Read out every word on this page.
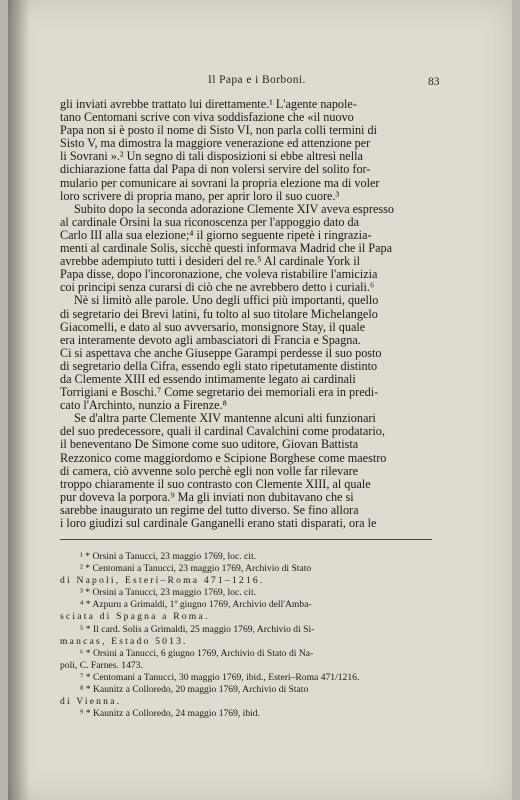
Il Papa e i Borboni.	83
gli inviati avrebbe trattato lui direttamente.¹ L'agente napole-
tano Centomani scrive con viva soddisfazione che «il nuovo
Papa non si è posto il nome di Sisto VI, non parla colli termini di
Sisto V, ma dimostra la maggiore venerazione ed attenzione per
li Sovrani ».² Un segno di tali disposizioni si ebbe altresì nella
dichiarazione fatta dal Papa di non volersi servire del solito for-
mulario per comunicare ai sovrani la propria elezione ma di voler
loro scrivere di propria mano, per aprir loro il suo cuore.³
Subito dopo la seconda adorazione Clemente XIV aveva espresso
al cardinale Orsini la sua riconoscenza per l'appoggio dato da
Carlo III alla sua elezione;⁴ il giorno seguente ripetè i ringrazia-
menti al cardinale Solis, sicchè questi informava Madrid che il Papa
avrebbe adempiuto tutti i desideri del re.⁵ Al cardinale York il
Papa disse, dopo l'incoronazione, che voleva ristabilire l'amicizia
coi principi senza curarsi di ciò che ne avrebbero detto i curiali.⁶
Nè si limitò alle parole. Uno degli uffici più importanti, quello
di segretario dei Brevi latini, fu tolto al suo titolare Michelangelo
Giacomelli, e dato al suo avversario, monsignore Stay, il quale
era interamente devoto agli ambasciatori di Francia e Spagna.
Ci si aspettava che anche Giuseppe Garampi perdesse il suo posto
di segretario della Cifra, essendo egli stato ripetutamente distinto
da Clemente XIII ed essendo intimamente legato ai cardinali
Torrigiani e Boschi.⁷ Come segretario dei memoriali era in predi-
cato l'Archinto, nunzio a Firenze.⁸
Se d'altra parte Clemente XIV mantenne alcuni alti funzionari
del suo predecessore, quali il cardinal Cavalchini come prodatario,
il beneventano De Simone come suo uditore, Giovan Battista
Rezzonico come maggiordomo e Scipione Borghese come maestro
di camera, ciò avvenne solo perchè egli non volle far rilevare
troppo chiaramente il suo contrasto con Clemente XIII, al quale
pur doveva la porpora.⁹ Ma gli inviati non dubitavano che si
sarebbe inaugurato un regime del tutto diverso. Se fino allora
i loro giudizi sul cardinale Ganganelli erano stati disparati, ora le
¹ * Orsini a Tanucci, 23 maggio 1769, loc. cit.
² * Centomani a Tanucci, 23 maggio 1769, Archivio di Stato
di Napoli, Esteri–Roma 471–1216.
³ * Orsini a Tanucci, 23 maggio 1769, loc. cit.
⁴ * Azpuru a Grimaldi, 1º giugno 1769, Archivio dell'Amba-
sciata di Spagna a Roma.
⁵ * Il card. Solis a Grimaldi, 25 maggio 1769, Archivio di Si-
mancas, Estado 5013.
⁶ * Orsini a Tanucci, 6 giugno 1769, Archivio di Stato di Na-
poli, C. Farnes. 1473.
⁷ * Centomani a Tanucci, 30 maggio 1769, ibid., Esteri–Roma 471/1216.
⁸ * Kaunitz a Colloredo, 20 maggio 1769, Archivio di Stato
di Vienna.
⁹ * Kaunitz a Colloredo, 24 maggio 1769, ibid.
